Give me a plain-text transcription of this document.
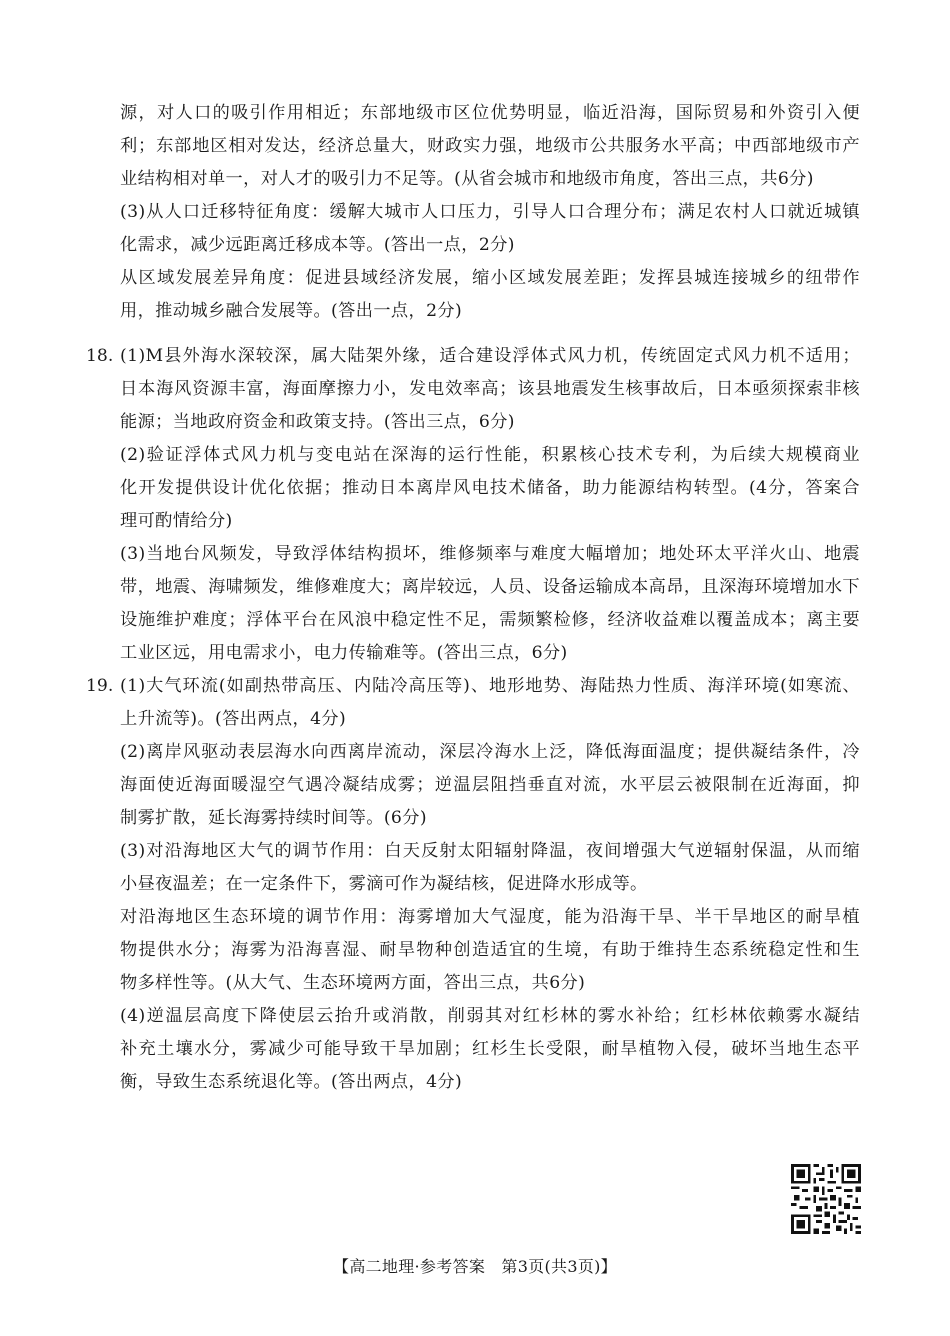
源，对人口的吸引作用相近；东部地级市区位优势明显，临近沿海，国际贸易和外资引入便
利；东部地区相对发达，经济总量大，财政实力强，地级市公共服务水平高；中西部地级市产
业结构相对单一，对人才的吸引力不足等。(从省会城市和地级市角度，答出三点，共6分)
(3)从人口迁移特征角度：缓解大城市人口压力，引导人口合理分布；满足农村人口就近城镇
化需求，减少远距离迁移成本等。(答出一点，2分)
从区域发展差异角度：促进县域经济发展，缩小区域发展差距；发挥县城连接城乡的纽带作
用，推动城乡融合发展等。(答出一点，2分)
18. (1)M县外海水深较深，属大陆架外缘，适合建设浮体式风力机，传统固定式风力机不适用；
日本海风资源丰富，海面摩擦力小，发电效率高；该县地震发生核事故后，日本亟须探索非核
能源；当地政府资金和政策支持。(答出三点，6分)
(2)验证浮体式风力机与变电站在深海的运行性能，积累核心技术专利，为后续大规模商业
化开发提供设计优化依据；推动日本离岸风电技术储备，助力能源结构转型。(4分，答案合
理可酌情给分)
(3)当地台风频发，导致浮体结构损坏，维修频率与难度大幅增加；地处环太平洋火山、地震
带，地震、海啸频发，维修难度大；离岸较远，人员、设备运输成本高昂，且深海环境增加水下
设施维护难度；浮体平台在风浪中稳定性不足，需频繁检修，经济收益难以覆盖成本；离主要
工业区远，用电需求小，电力传输难等。(答出三点，6分)
19. (1)大气环流(如副热带高压、内陆冷高压等)、地形地势、海陆热力性质、海洋环境(如寒流、
上升流等)。(答出两点，4分)
(2)离岸风驱动表层海水向西离岸流动，深层冷海水上泛，降低海面温度；提供凝结条件，冷
海面使近海面暖湿空气遇冷凝结成雾；逆温层阻挡垂直对流，水平层云被限制在近海面，抑
制雾扩散，延长海雾持续时间等。(6分)
(3)对沿海地区大气的调节作用：白天反射太阳辐射降温，夜间增强大气逆辐射保温，从而缩
小昼夜温差；在一定条件下，雾滴可作为凝结核，促进降水形成等。
对沿海地区生态环境的调节作用：海雾增加大气湿度，能为沿海干旱、半干旱地区的耐旱植
物提供水分；海雾为沿海喜湿、耐旱物种创造适宜的生境，有助于维持生态系统稳定性和生
物多样性等。(从大气、生态环境两方面，答出三点，共6分)
(4)逆温层高度下降使层云抬升或消散，削弱其对红杉林的雾水补给；红杉林依赖雾水凝结
补充土壤水分，雾减少可能导致干旱加剧；红杉生长受限，耐旱植物入侵，破坏当地生态平
衡，导致生态系统退化等。(答出两点，4分)
【高二地理·参考答案　第3页(共3页)】
